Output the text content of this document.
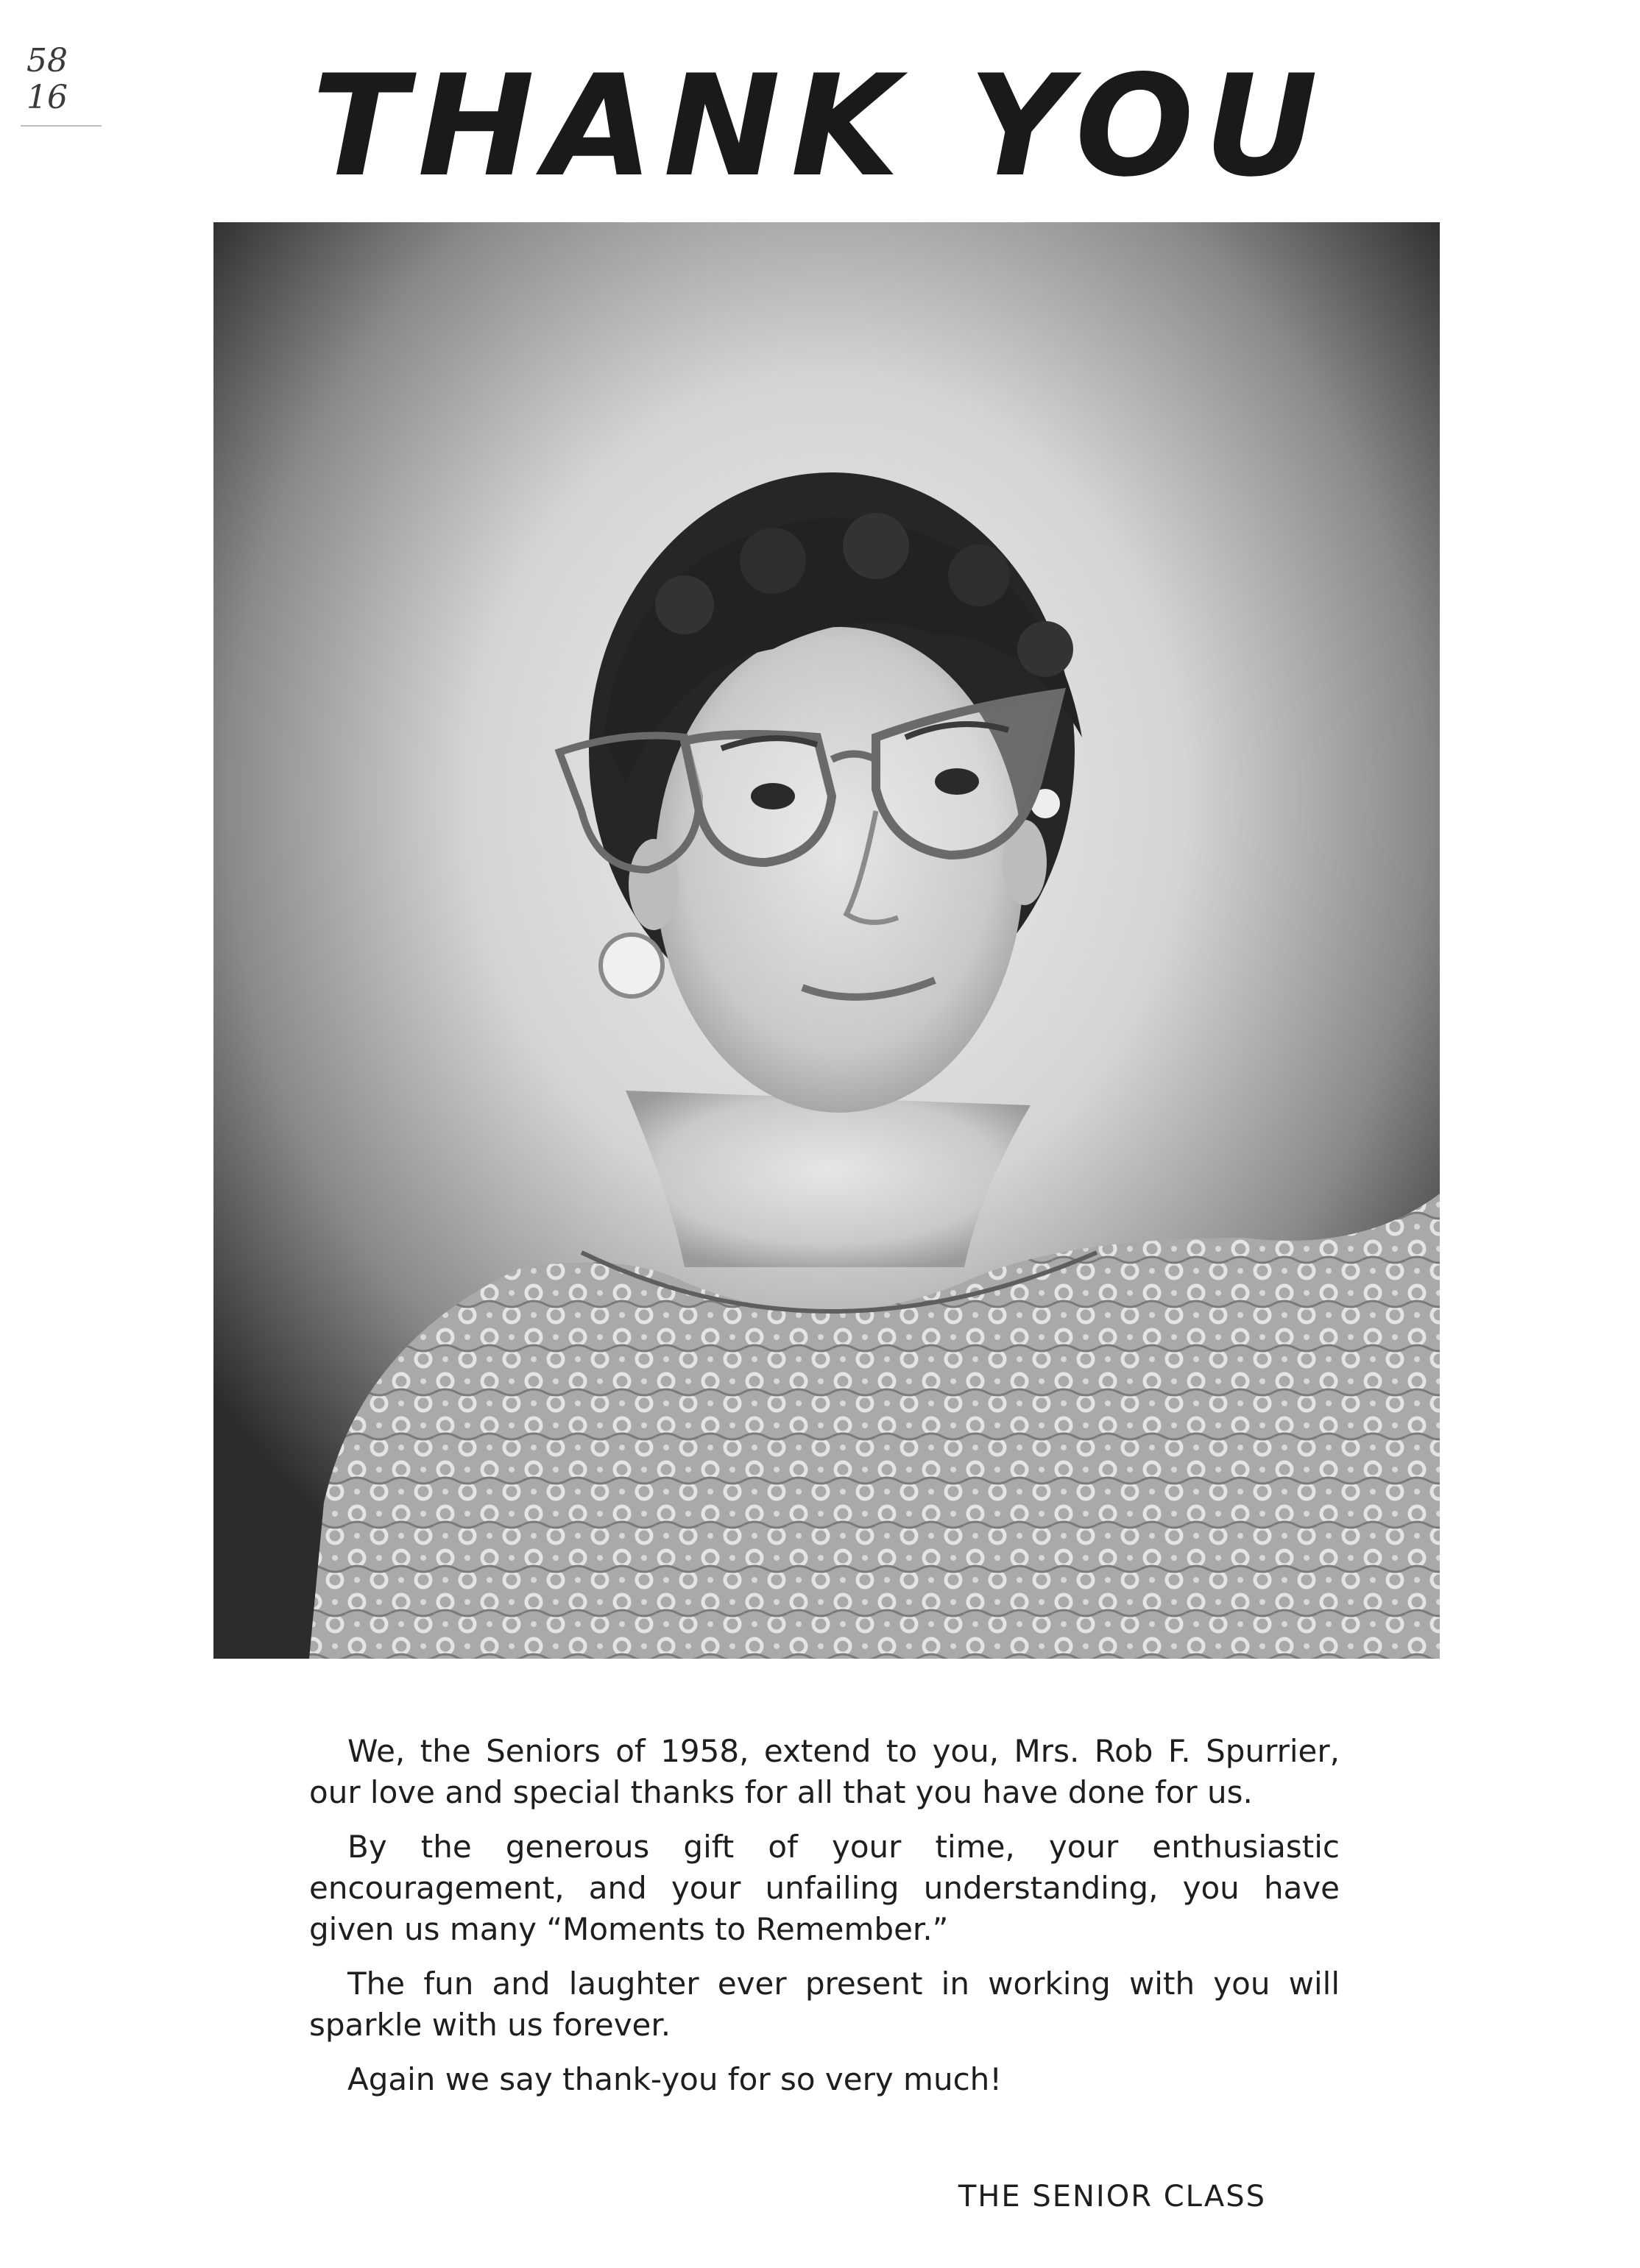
58
16	THANK YOU

We, the Seniors of 1958, extend to you, Mrs. Rob F. Spurrier, our love and special thanks for all that you have done for us.

By the generous gift of your time, your enthusiastic encouragement, and your unfailing understanding, you have given us many “Moments to Remember.”

The fun and laughter ever present in working with you will sparkle with us forever.

Again we say thank-you for so very much!

THE SENIOR CLASS
